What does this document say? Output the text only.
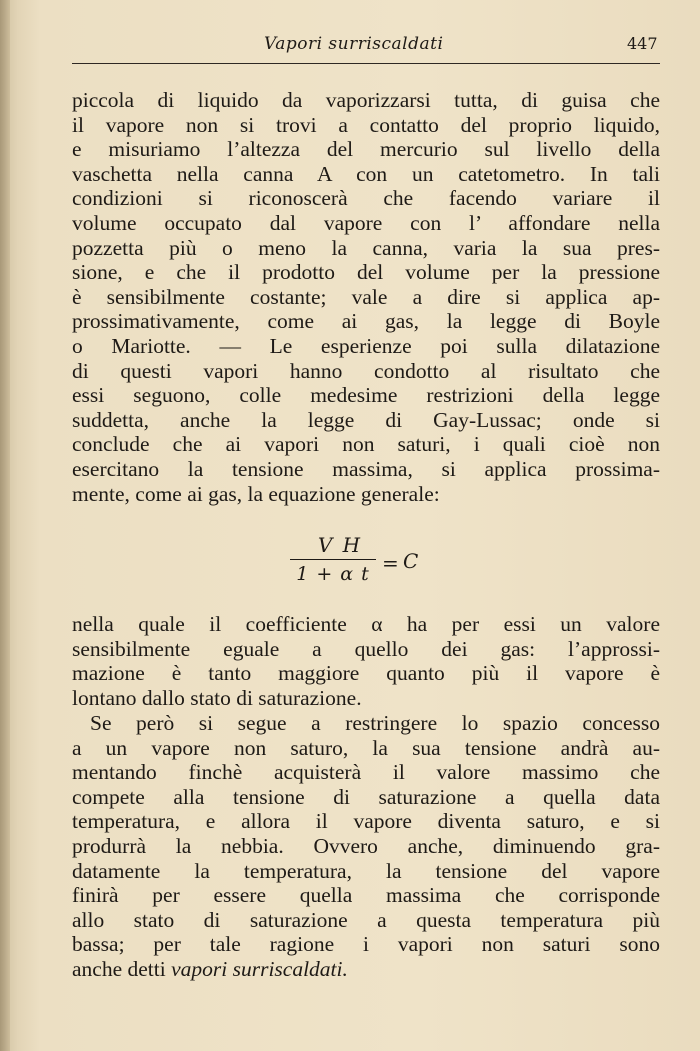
Vapori surriscaldati	447
piccola di liquido da vaporizzarsi tutta, di guisa che
il vapore non si trovi a contatto del proprio liquido,
e misuriamo l’altezza del mercurio sul livello della
vaschetta nella canna A con un catetometro. In tali
condizioni si riconoscerà che facendo variare il
volume occupato dal vapore con l’ affondare nella
pozzetta più o meno la canna, varia la sua pres-
sione, e che il prodotto del volume per la pressione
è sensibilmente costante; vale a dire si applica ap-
prossimativamente, come ai gas, la legge di Boyle
o Mariotte. — Le esperienze poi sulla dilatazione
di questi vapori hanno condotto al risultato che
essi seguono, colle medesime restrizioni della legge
suddetta, anche la legge di Gay-Lussac; onde si
conclude che ai vapori non saturi, i quali cioè non
esercitano la tensione massima, si applica prossima-
mente, come ai gas, la equazione generale:
V H
1 + α t = C
nella quale il coefficiente α ha per essi un valore
sensibilmente eguale a quello dei gas: l’approssi-
mazione è tanto maggiore quanto più il vapore è
lontano dallo stato di saturazione.
Se però si segue a restringere lo spazio concesso
a un vapore non saturo, la sua tensione andrà au-
mentando finchè acquisterà il valore massimo che
compete alla tensione di saturazione a quella data
temperatura, e allora il vapore diventa saturo, e si
produrrà la nebbia. Ovvero anche, diminuendo gra-
datamente la temperatura, la tensione del vapore
finirà per essere quella massima che corrisponde
allo stato di saturazione a questa temperatura più
bassa; per tale ragione i vapori non saturi sono
anche detti vapori surriscaldati.
